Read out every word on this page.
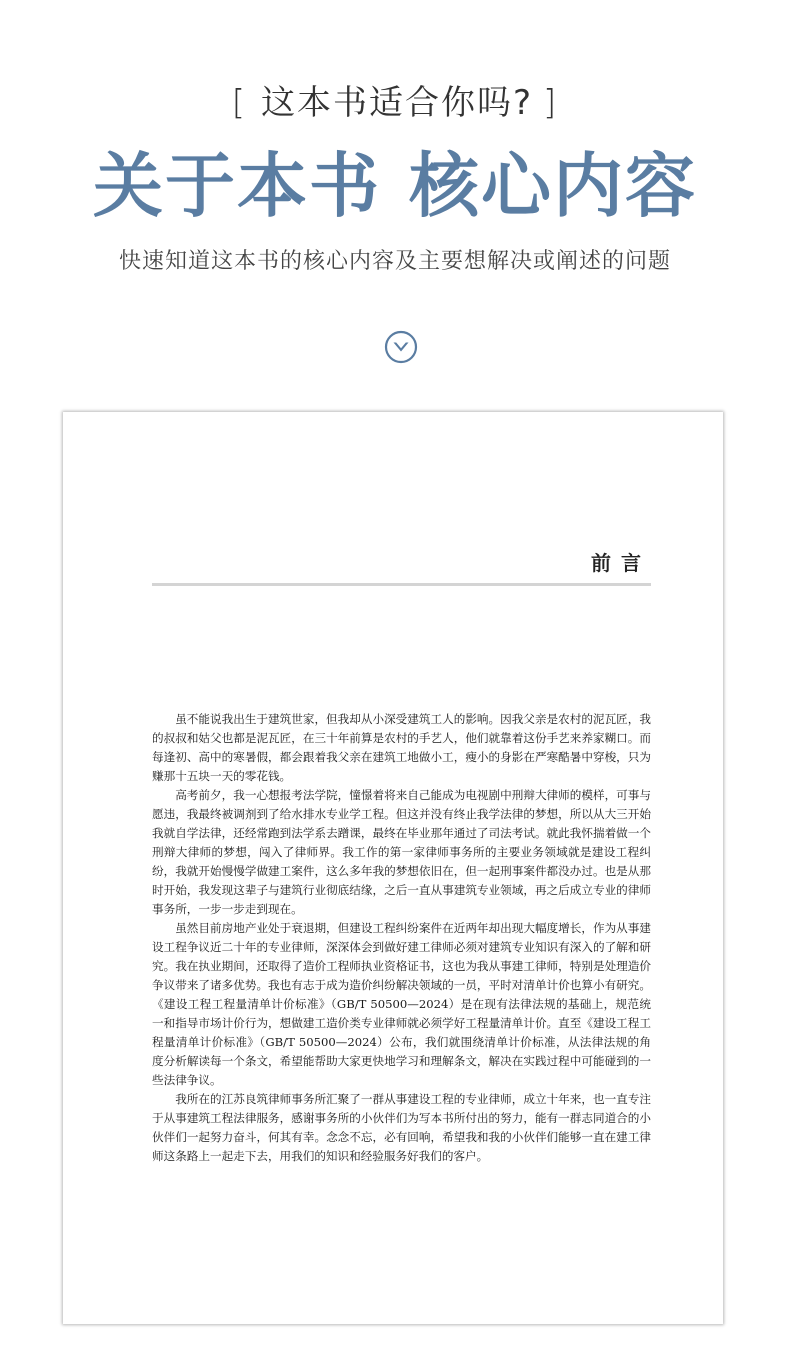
[ 这本书适合你吗? ]
关于本书 核心内容
快速知道这本书的核心内容及主要想解决或阐述的问题
前言

虽不能说我出生于建筑世家，但我却从小深受建筑工人的影响。因我父亲是农村的泥瓦匠，我的叔叔和姑父也都是泥瓦匠，在三十年前算是农村的手艺人，他们就靠着这份手艺来养家糊口。而每逢初、高中的寒暑假，都会跟着我父亲在建筑工地做小工，瘦小的身影在严寒酷暑中穿梭，只为赚那十五块一天的零花钱。

高考前夕，我一心想报考法学院，憧憬着将来自己能成为电视剧中刑辩大律师的模样，可事与愿违，我最终被调剂到了给水排水专业学工程。但这并没有终止我学法律的梦想，所以从大三开始我就自学法律，还经常跑到法学系去蹭课，最终在毕业那年通过了司法考试。就此我怀揣着做一个刑辩大律师的梦想，闯入了律师界。我工作的第一家律师事务所的主要业务领域就是建设工程纠纷，我就开始慢慢学做建工案件，这么多年我的梦想依旧在，但一起刑事案件都没办过。也是从那时开始，我发现这辈子与建筑行业彻底结缘，之后一直从事建筑专业领域，再之后成立专业的律师事务所，一步一步走到现在。

虽然目前房地产业处于衰退期，但建设工程纠纷案件在近两年却出现大幅度增长，作为从事建设工程争议近二十年的专业律师，深深体会到做好建工律师必须对建筑专业知识有深入的了解和研究。我在执业期间，还取得了造价工程师执业资格证书，这也为我从事建工律师，特别是处理造价争议带来了诸多优势。我也有志于成为造价纠纷解决领域的一员，平时对清单计价也算小有研究。《建设工程工程量清单计价标准》（GB/T 50500—2024）是在现有法律法规的基础上，规范统一和指导市场计价行为，想做建工造价类专业律师就必须学好工程量清单计价。直至《建设工程工程量清单计价标准》（GB/T 50500—2024）公布，我们就围绕清单计价标准，从法律法规的角度分析解读每一个条文，希望能帮助大家更快地学习和理解条文，解决在实践过程中可能碰到的一些法律争议。

我所在的江苏良筑律师事务所汇聚了一群从事建设工程的专业律师，成立十年来，也一直专注于从事建筑工程法律服务，感谢事务所的小伙伴们为写本书所付出的努力，能有一群志同道合的小伙伴们一起努力奋斗，何其有幸。念念不忘，必有回响，希望我和我的小伙伴们能够一直在建工律师这条路上一起走下去，用我们的知识和经验服务好我们的客户。
